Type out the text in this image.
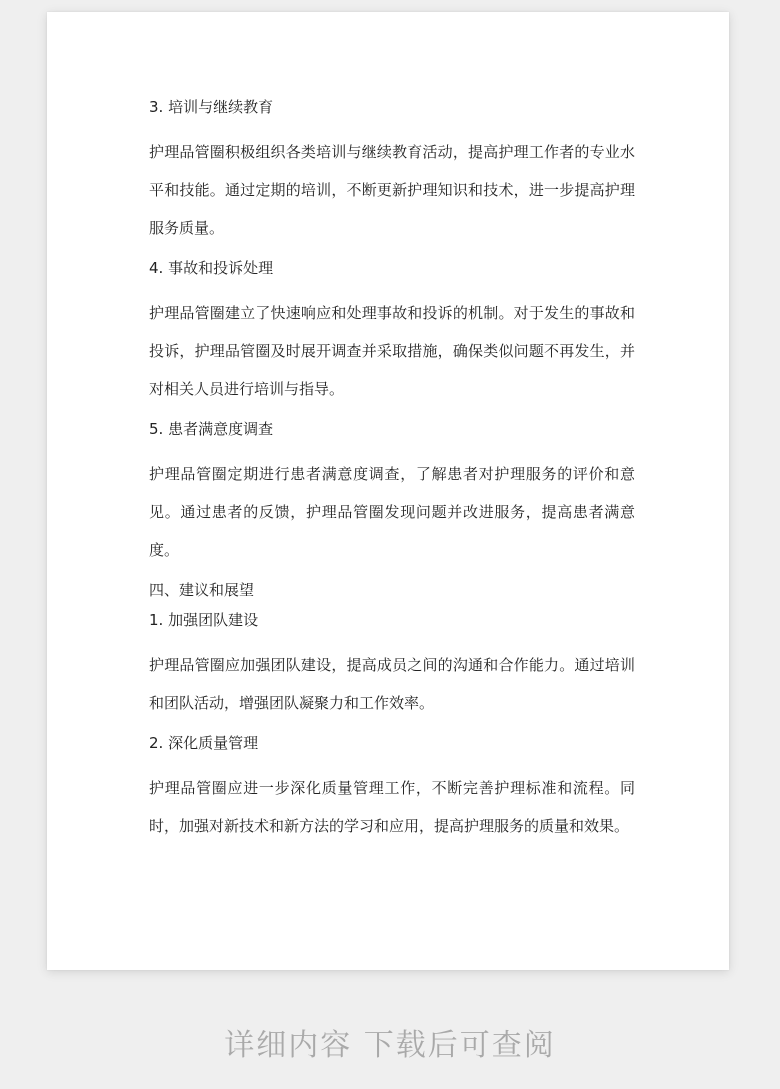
3. 培训与继续教育
护理品管圈积极组织各类培训与继续教育活动，提高护理工作者的专业水平和技能。通过定期的培训，不断更新护理知识和技术，进一步提高护理服务质量。
4. 事故和投诉处理
护理品管圈建立了快速响应和处理事故和投诉的机制。对于发生的事故和投诉，护理品管圈及时展开调查并采取措施，确保类似问题不再发生，并对相关人员进行培训与指导。
5. 患者满意度调查
护理品管圈定期进行患者满意度调查，了解患者对护理服务的评价和意见。通过患者的反馈，护理品管圈发现问题并改进服务，提高患者满意度。
四、建议和展望
1. 加强团队建设
护理品管圈应加强团队建设，提高成员之间的沟通和合作能力。通过培训和团队活动，增强团队凝聚力和工作效率。
2. 深化质量管理
护理品管圈应进一步深化质量管理工作，不断完善护理标准和流程。同时，加强对新技术和新方法的学习和应用，提高护理服务的质量和效果。
详细内容 下载后可查阅
